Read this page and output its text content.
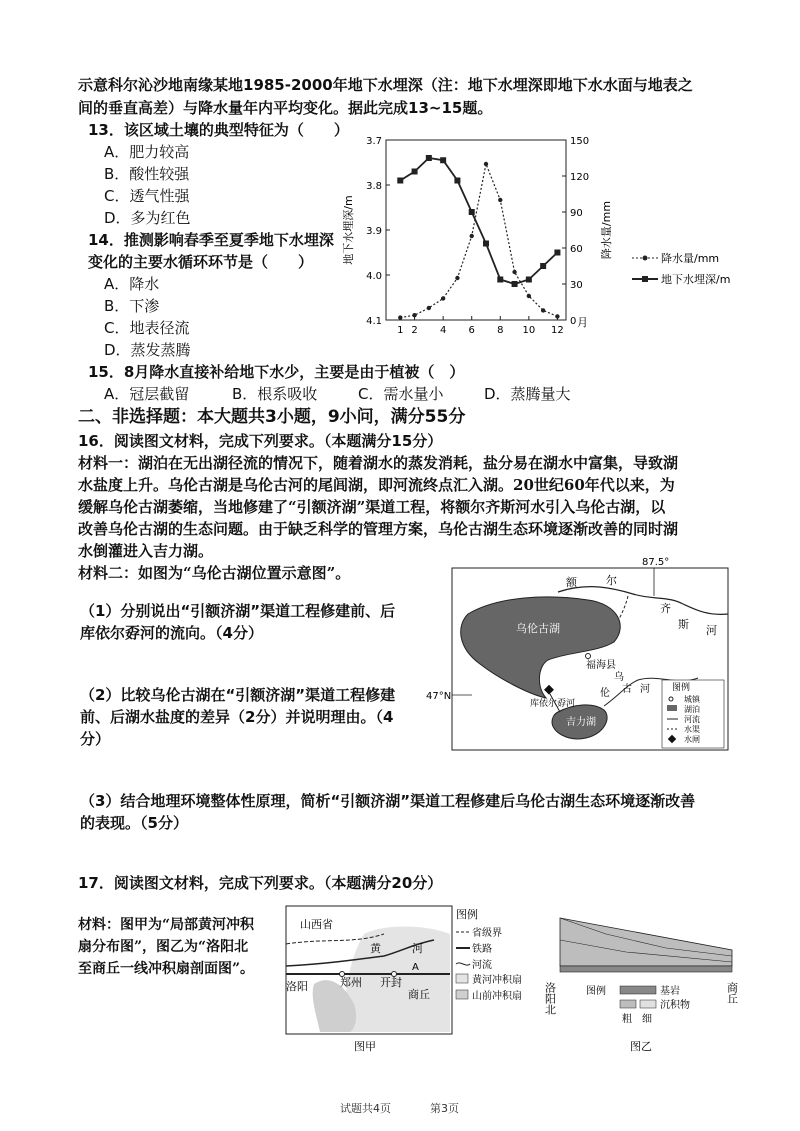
示意科尔沁沙地南缘某地1985-2000年地下水埋深（注：地下水埋深即地下水水面与地表之
间的垂直高差）与降水量年内平均变化。据此完成13~15题。
13．该区域土壤的典型特征为（　　）
A．肥力较高
B．酸性较强
C．透气性强
D．多为红色
14．推测影响春季至夏季地下水埋深
变化的主要水循环环节是（　　）
A．降水
B．下渗
C．地表径流
D．蒸发蒸腾
15．8月降水直接补给地下水少，主要是由于植被（　）
A．冠层截留	B．根系吸收	C．需水量小	D．蒸腾量大
3.7
3.8
3.9
4.0
4.1
150
120
90
60
30
0
1 2 4 6 8 10 12
地下水埋深/m	降水量/mm
月
降水量/mm
地下水埋深/m
二、非选择题：本大题共3小题，9小问，满分55分
16．阅读图文材料，完成下列要求。（本题满分15分）
材料一：湖泊在无出湖径流的情况下，随着湖水的蒸发消耗，盐分易在湖水中富集，导致湖
水盐度上升。乌伦古湖是乌伦古河的尾闾湖，即河流终点汇入湖。20世纪60年代以来，为
缓解乌伦古湖萎缩，当地修建了“引额济湖”渠道工程，将额尔齐斯河水引入乌伦古湖，以
改善乌伦古湖的生态问题。由于缺乏科学的管理方案，乌伦古湖生态环境逐渐改善的同时湖
水倒灌进入吉力湖。
材料二：如图为“乌伦古湖位置示意图”。
（1）分别说出“引额济湖”渠道工程修建前、后
库依尔孬河的流向。（4分）
（2）比较乌伦古湖在“引额济湖”渠道工程修建
前、后湖水盐度的差异（2分）并说明理由。（4
分）
（3）结合地理环境整体性原理，简析“引额济湖”渠道工程修建后乌伦古湖生态环境逐渐改善
的表现。（5分）
87.5°
47°N
额	尔
齐
斯 河
乌伦古湖
吉力湖
库依尔孬河
福海县
乌
伦 古 河 图例
城镇
湖泊
河流
水渠
水闸
17．阅读图文材料，完成下列要求。（本题满分20分）
材料：图甲为“局部黄河冲积
扇分布图”，图乙为“洛阳北
至商丘一线冲积扇剖面图”。
山西省
黄	河
A
洛阳	郑州 开封
商丘
图例
省级界
铁路
河流
黄河冲积扇
山前冲积扇
图甲
洛阳北	商丘
图例	基岩
沉积物
粗 细
图乙
试题共4页	第3页
